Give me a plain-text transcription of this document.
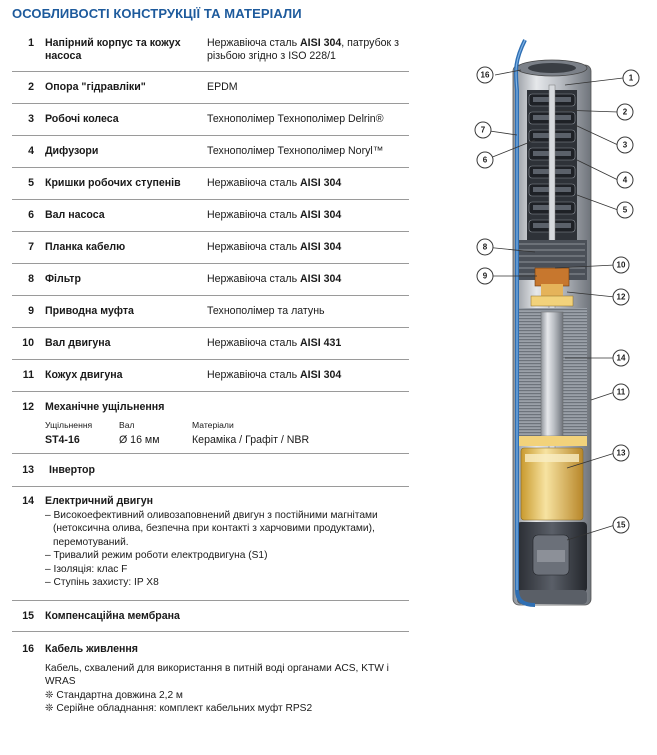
ОСОБЛИВОСТІ КОНСТРУКЦІЇ ТА МАТЕРІАЛИ
1 Напірний корпус та кожух насоса
Нержавіюча сталь AISI 304, патрубок з різьбою згідно з ISO 228/1
2 Опора "гідравліки"	EPDM
3 Робочі колеса	Технополімер Технополімер Delrin®
4 Дифузори	Технополімер Технополімер Noryl™
5 Кришки робочих ступенів	Нержавіюча сталь AISI 304
6 Вал насоса	Нержавіюча сталь AISI 304
7 Планка кабелю	Нержавіюча сталь AISI 304
8 Фільтр	Нержавіюча сталь AISI 304
9 Приводна муфта	Технополімер та латунь
10 Вал двигуна	Нержавіюча сталь AISI 431
11 Кожух двигуна	Нержавіюча сталь AISI 304
12 Механічне ущільнення
Ущільнення	Вал	Матеріали
ST4-16	Ø 16 мм	Кераміка / Графіт / NBR
13 Інвертор
14 Електричний двигун
– Високоефективний оливозаповнений двигун з постійними магнітами
(нетоксична олива, безпечна при контакті з харчовими продуктами),
перемотуваний.
– Тривалий режим роботи електродвигуна (S1)
– Ізоляція: клас F
– Ступінь захисту: IP X8
15 Компенсаційна мембрана
16 Кабель живлення
Кабель, схвалений для використання в питній воді органами ACS, KTW і
WRAS
❊ Стандартна довжина 2,2 м
❊ Серійне обладнання: комплект кабельних муфт RPS2
1
2
3
4
5
6
7
8
9
10
11
12
13
14
15
16
